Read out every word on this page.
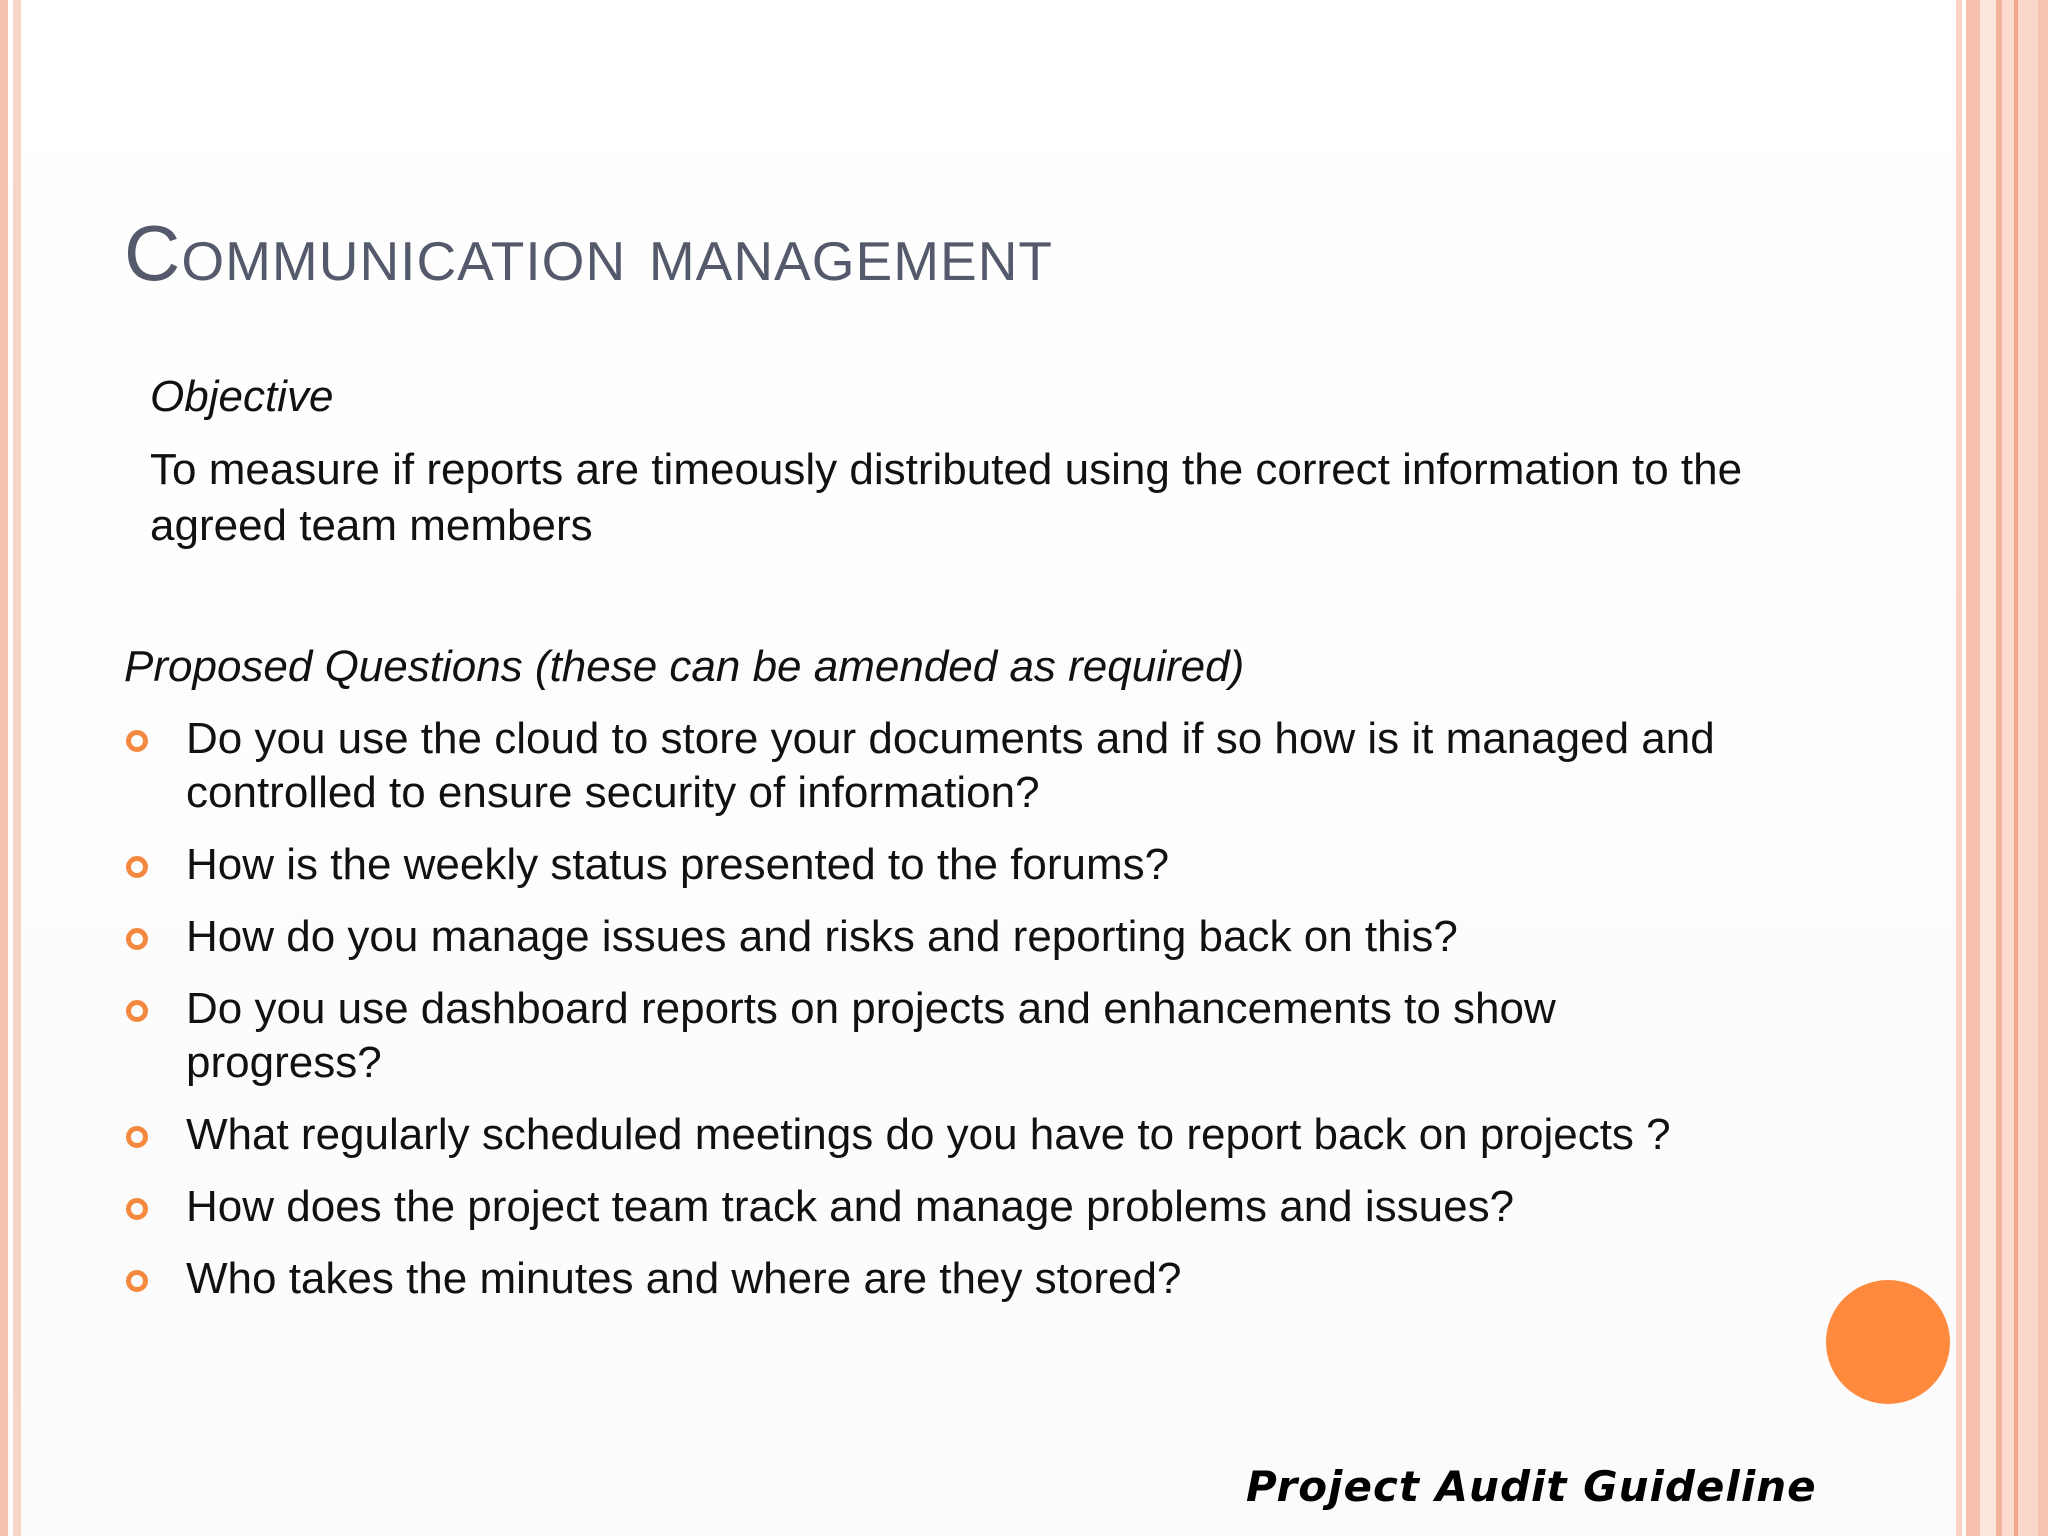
Communication management
Objective
To measure if reports are timeously distributed using the correct information to the agreed team members
Proposed Questions (these can be amended as required)
Do you use the cloud to store your documents and if so how is it managed and controlled to ensure security of information?
How is the weekly status presented to the forums?
How do you manage issues and risks and reporting back on this?
Do you use dashboard reports on projects and enhancements to show progress?
What regularly scheduled meetings do you have to report back on projects ?
How does the project team track and manage problems and issues?
Who takes the minutes and where are they stored?
Project Audit Guideline
